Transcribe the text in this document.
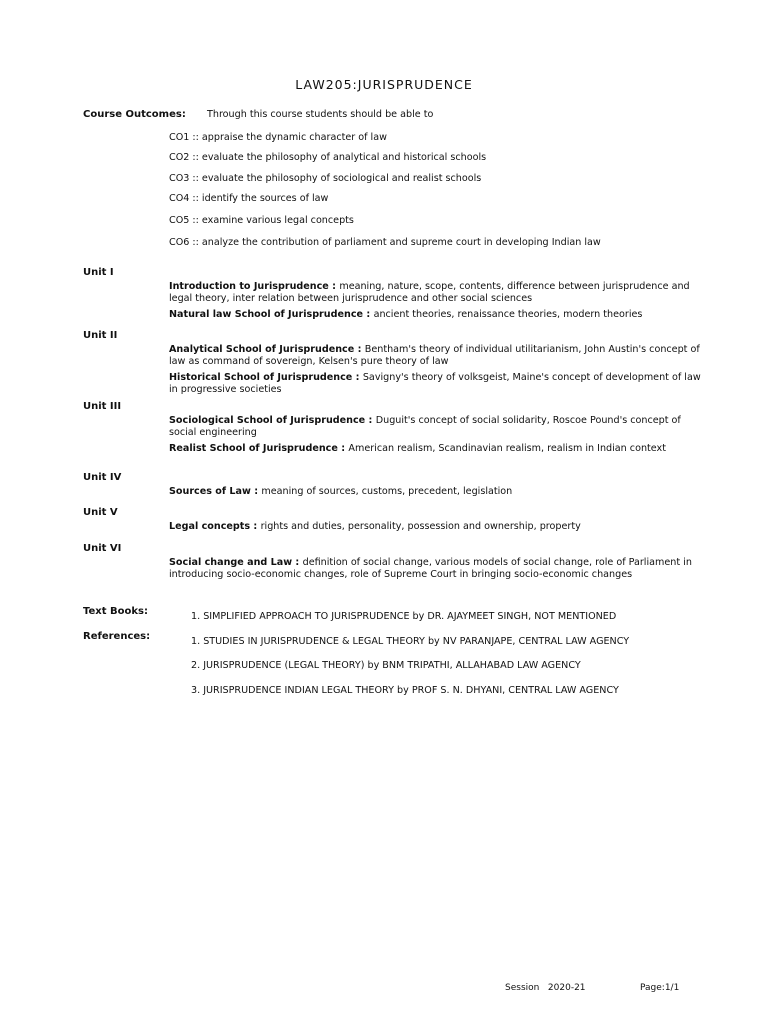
LAW205:JURISPRUDENCE
Course Outcomes: Through this course students should be able to
CO1 :: appraise the dynamic character of law
CO2 :: evaluate the philosophy of analytical and historical schools
CO3 :: evaluate the philosophy of sociological and realist schools
CO4 :: identify the sources of law
CO5 :: examine various legal concepts
CO6 :: analyze the contribution of parliament and supreme court in developing Indian law
Unit I
Introduction to Jurisprudence : meaning, nature, scope, contents, difference between jurisprudence and legal theory, inter relation between jurisprudence and other social sciences
Natural law School of Jurisprudence : ancient theories, renaissance theories, modern theories
Unit II
Analytical School of Jurisprudence : Bentham's theory of individual utilitarianism, John Austin's concept of law as command of sovereign, Kelsen's pure theory of law
Historical School of Jurisprudence : Savigny's theory of volksgeist, Maine's concept of development of law in progressive societies
Unit III
Sociological School of Jurisprudence : Duguit's concept of social solidarity, Roscoe Pound's concept of social engineering
Realist School of Jurisprudence : American realism, Scandinavian realism, realism in Indian context
Unit IV
Sources of Law : meaning of sources, customs, precedent, legislation
Unit V
Legal concepts : rights and duties, personality, possession and ownership, property
Unit VI
Social change and Law : definition of social change, various models of social change, role of Parliament in introducing socio-economic changes, role of Supreme Court in bringing socio-economic changes
Text Books:	1. SIMPLIFIED APPROACH TO JURISPRUDENCE by DR. AJAYMEET SINGH, NOT MENTIONED
References:	1. STUDIES IN JURISPRUDENCE & LEGAL THEORY by NV PARANJAPE, CENTRAL LAW AGENCY
2. JURISPRUDENCE (LEGAL THEORY) by BNM TRIPATHI, ALLAHABAD LAW AGENCY
3. JURISPRUDENCE INDIAN LEGAL THEORY by PROF S. N. DHYANI, CENTRAL LAW AGENCY
Session   2020-21	Page:1/1
